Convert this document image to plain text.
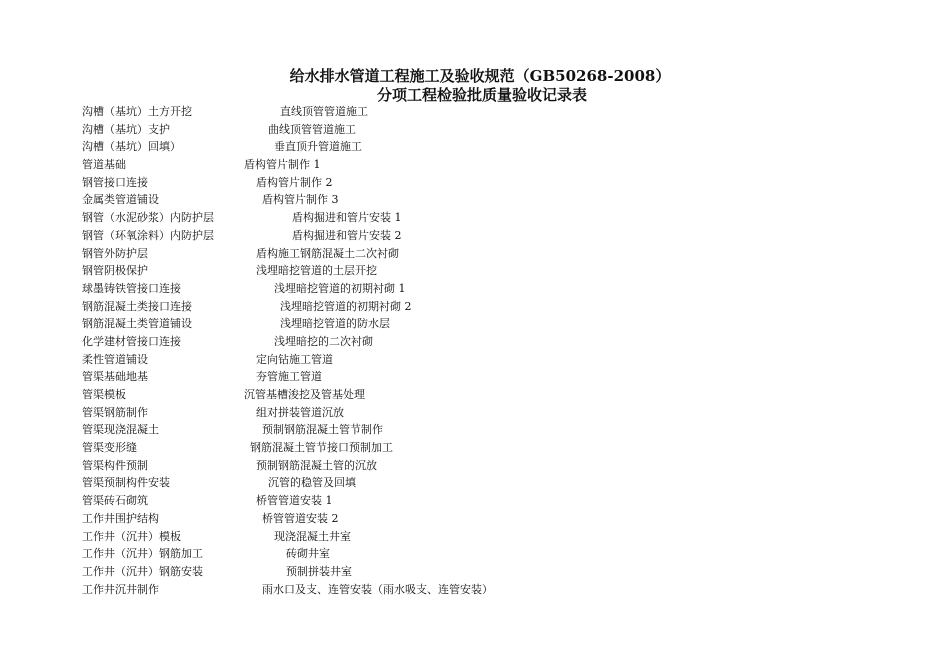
给水排水管道工程施工及验收规范（GB50268-2008）
分项工程检验批质量验收记录表
沟槽（基坑）土方开挖	直线顶管管道施工
沟槽（基坑）支护	曲线顶管管道施工
沟槽（基坑）回填）	垂直顶升管道施工
管道基础	盾构管片制作 1
钢管接口连接	盾构管片制作 2
金属类管道铺设	盾构管片制作 3
钢管（水泥砂浆）内防护层	盾构掘进和管片安装 1
钢管（环氧涂料）内防护层	盾构掘进和管片安装 2
钢管外防护层	盾构施工钢筋混凝土二次衬砌
钢管阴极保护	浅埋暗挖管道的土层开挖
球墨铸铁管接口连接	浅埋暗挖管道的初期衬砌 1
钢筋混凝土类接口连接	浅埋暗挖管道的初期衬砌 2
钢筋混凝土类管道铺设	浅埋暗挖管道的防水层
化学建材管接口连接	浅埋暗挖的二次衬砌
柔性管道铺设	定向钻施工管道
管渠基础地基	夯管施工管道
管渠模板	沉管基槽浚挖及管基处理
管渠钢筋制作	组对拼装管道沉放
管渠现浇混凝土	预制钢筋混凝土管节制作
管渠变形缝	钢筋混凝土管节接口预制加工
管渠构件预制	预制钢筋混凝土管的沉放
管渠预制构件安装	沉管的稳管及回填
管渠砖石砌筑	桥管管道安装 1
工作井围护结构	桥管管道安装 2
工作井（沉井）模板	现浇混凝土井室
工作井（沉井）钢筋加工	砖砌井室
工作井（沉井）钢筋安装	预制拼装井室
工作井沉井制作	雨水口及支、连管安装（雨水吸支、连管安装）
